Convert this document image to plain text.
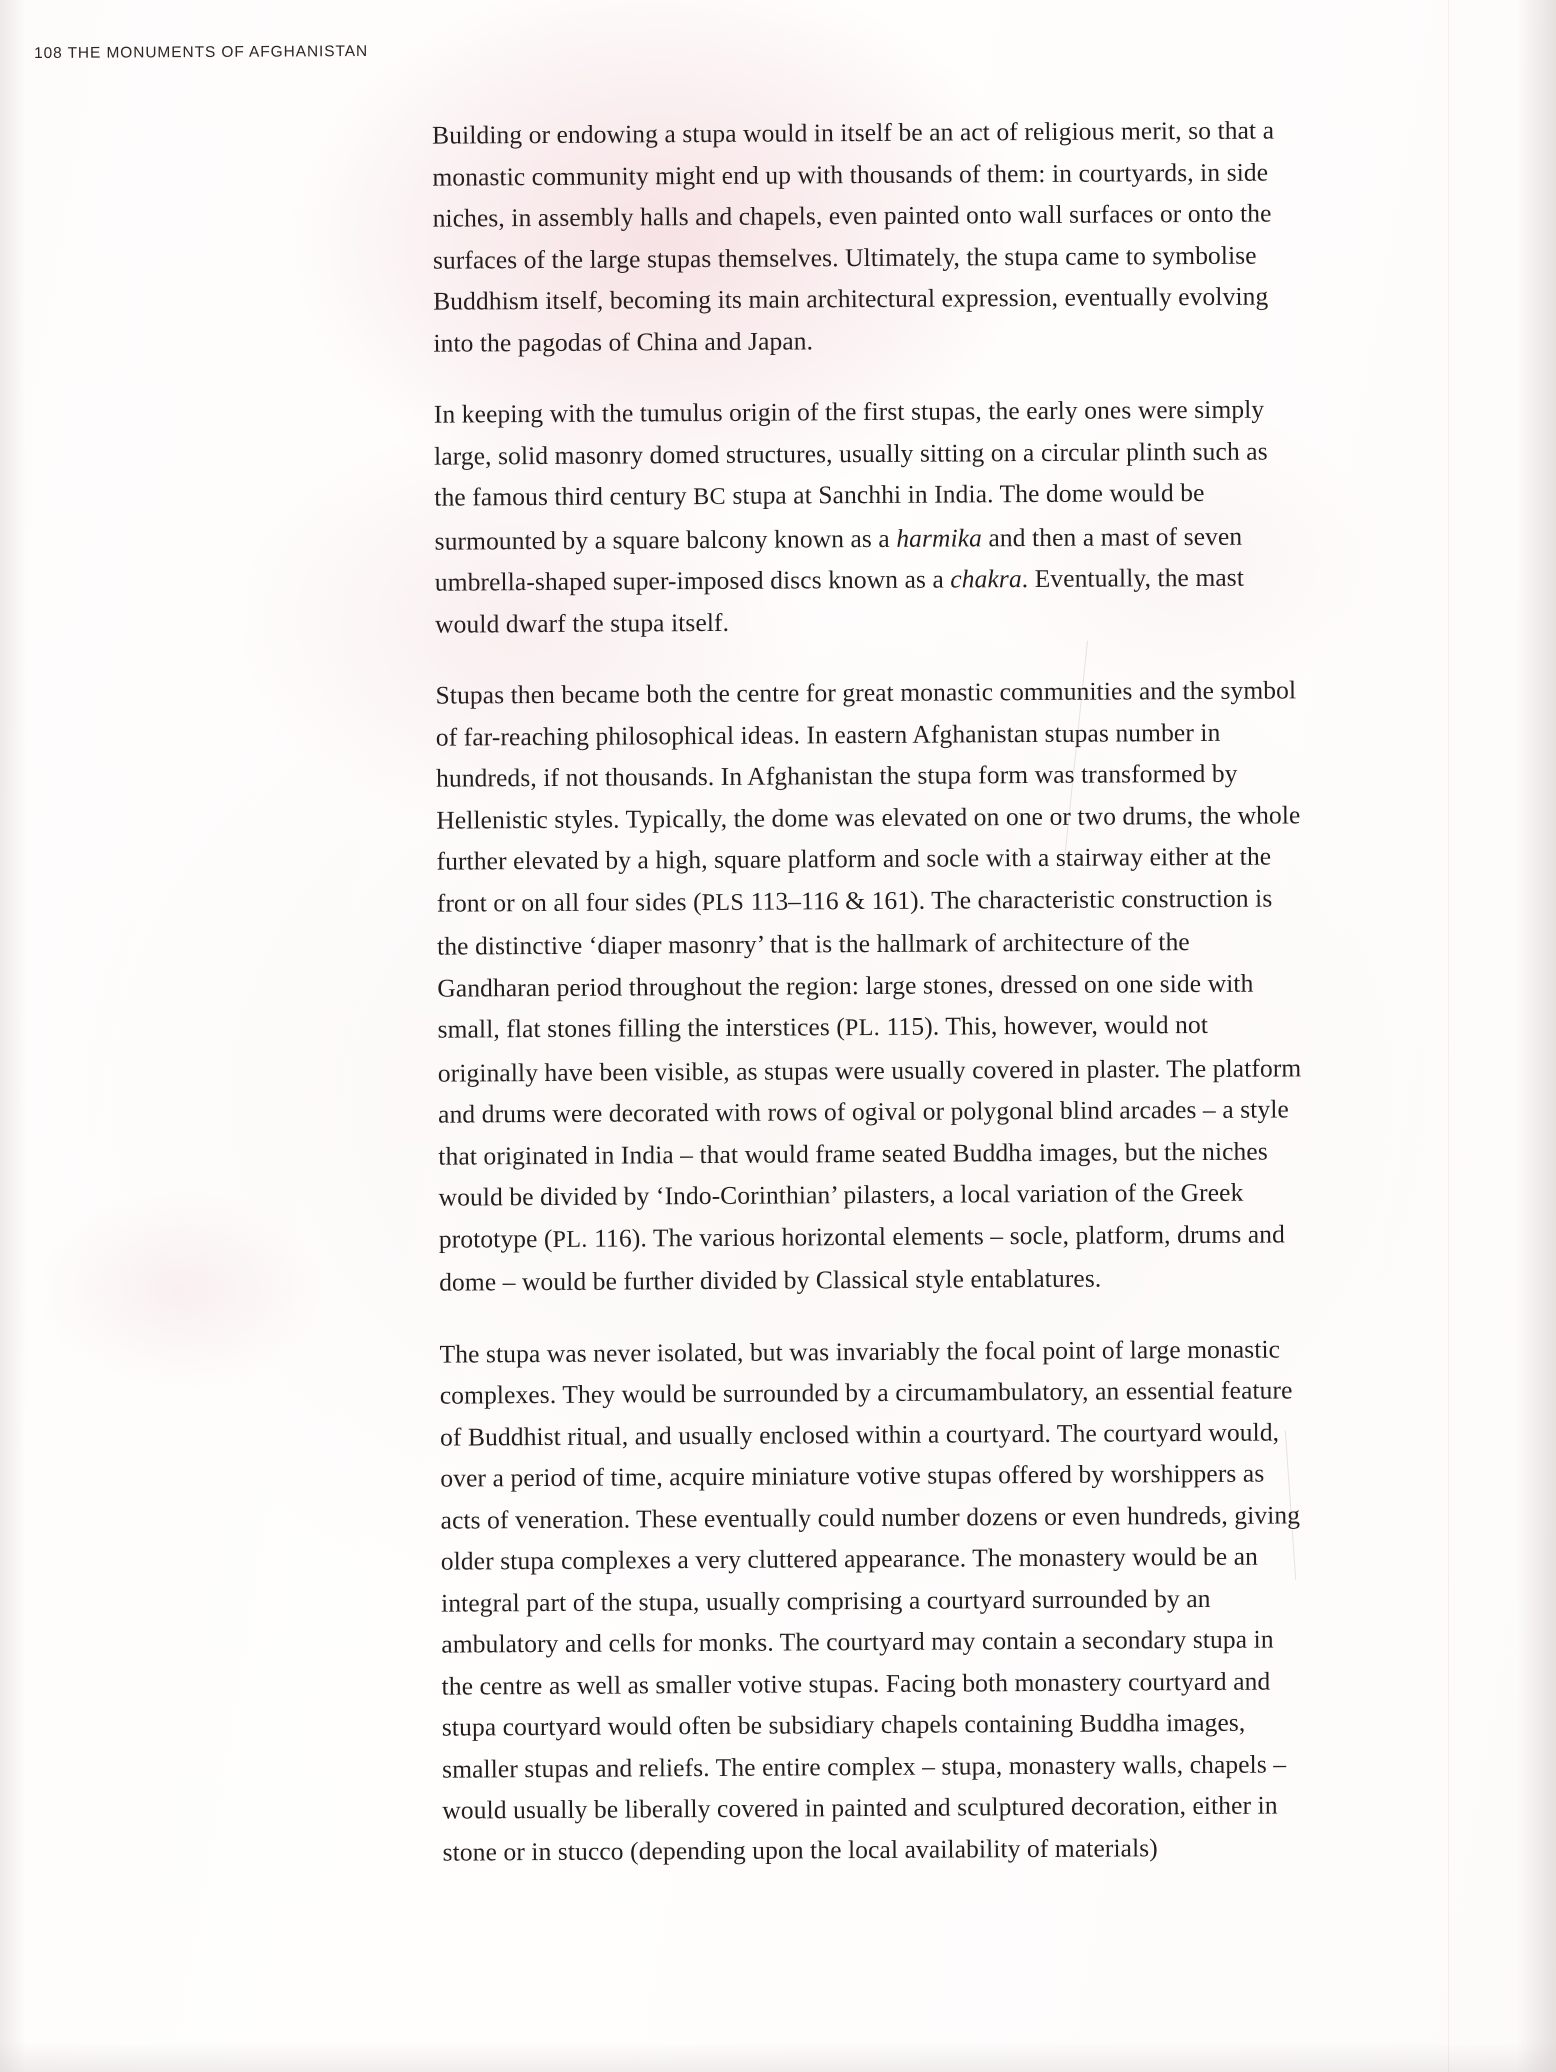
108 THE MONUMENTS OF AFGHANISTAN

Building or endowing a stupa would in itself be an act of religious merit, so that a monastic community might end up with thousands of them: in courtyards, in side niches, in assembly halls and chapels, even painted onto wall surfaces or onto the surfaces of the large stupas themselves. Ultimately, the stupa came to symbolise Buddhism itself, becoming its main architectural expression, eventually evolving into the pagodas of China and Japan.

In keeping with the tumulus origin of the first stupas, the early ones were simply large, solid masonry domed structures, usually sitting on a circular plinth such as the famous third century BC stupa at Sanchhi in India. The dome would be surmounted by a square balcony known as a harmika and then a mast of seven umbrella-shaped super-imposed discs known as a chakra. Eventually, the mast would dwarf the stupa itself.

Stupas then became both the centre for great monastic communities and the symbol of far-reaching philosophical ideas. In eastern Afghanistan stupas number in hundreds, if not thousands. In Afghanistan the stupa form was transformed by Hellenistic styles. Typically, the dome was elevated on one or two drums, the whole further elevated by a high, square platform and socle with a stairway either at the front or on all four sides (PLS 113–116 & 161). The characteristic construction is the distinctive ‘diaper masonry’ that is the hallmark of architecture of the Gandharan period throughout the region: large stones, dressed on one side with small, flat stones filling the interstices (PL. 115). This, however, would not originally have been visible, as stupas were usually covered in plaster. The platform and drums were decorated with rows of ogival or polygonal blind arcades – a style that originated in India – that would frame seated Buddha images, but the niches would be divided by ‘Indo-Corinthian’ pilasters, a local variation of the Greek prototype (PL. 116). The various horizontal elements – socle, platform, drums and dome – would be further divided by Classical style entablatures.

The stupa was never isolated, but was invariably the focal point of large monastic complexes. They would be surrounded by a circumambulatory, an essential feature of Buddhist ritual, and usually enclosed within a courtyard. The courtyard would, over a period of time, acquire miniature votive stupas offered by worshippers as acts of veneration. These eventually could number dozens or even hundreds, giving older stupa complexes a very cluttered appearance. The monastery would be an integral part of the stupa, usually comprising a courtyard surrounded by an ambulatory and cells for monks. The courtyard may contain a secondary stupa in the centre as well as smaller votive stupas. Facing both monastery courtyard and stupa courtyard would often be subsidiary chapels containing Buddha images, smaller stupas and reliefs. The entire complex – stupa, monastery walls, chapels – would usually be liberally covered in painted and sculptured decoration, either in stone or in stucco (depending upon the local availability of materials)
